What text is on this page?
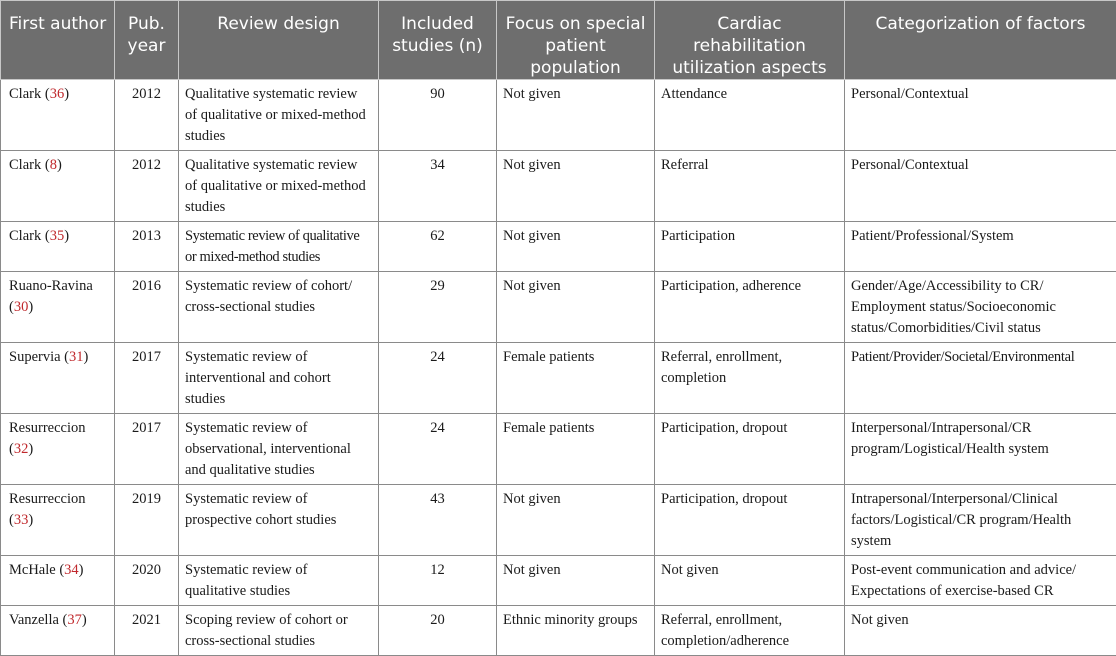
First author	Pub. year	Review design	Included studies (n)	Focus on special patient population	Cardiac rehabilitation utilization aspects	Categorization of factors
Clark (36)	2012	Qualitative systematic review of qualitative or mixed-method studies	90	Not given	Attendance	Personal/Contextual
Clark (8)	2012	Qualitative systematic review of qualitative or mixed-method studies	34	Not given	Referral	Personal/Contextual
Clark (35)	2013	Systematic review of qualitative or mixed-method studies	62	Not given	Participation	Patient/Professional/System
Ruano-Ravina (30)	2016	Systematic review of cohort/ cross-sectional studies	29	Not given	Participation, adherence	Gender/Age/Accessibility to CR/ Employment status/Socioeconomic status/Comorbidities/Civil status
Supervia (31)	2017	Systematic review of interventional and cohort studies	24	Female patients	Referral, enrollment, completion	Patient/Provider/Societal/Environmental
Resurreccion (32)	2017	Systematic review of observational, interventional and qualitative studies	24	Female patients	Participation, dropout	Interpersonal/Intrapersonal/CR program/Logistical/Health system
Resurreccion (33)	2019	Systematic review of prospective cohort studies	43	Not given	Participation, dropout	Intrapersonal/Interpersonal/Clinical factors/Logistical/CR program/Health system
McHale (34)	2020	Systematic review of qualitative studies	12	Not given	Not given	Post-event communication and advice/ Expectations of exercise-based CR
Vanzella (37)	2021	Scoping review of cohort or cross-sectional studies	20	Ethnic minority groups	Referral, enrollment, completion/adherence	Not given
